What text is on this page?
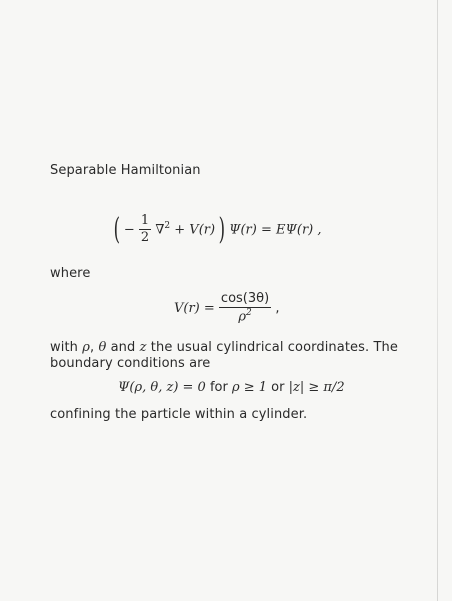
Separable Hamiltonian
( − $\frac{1}{2} \nabla^2 + V(r)$ ) Ψ(r) = EΨ(r) ,
where
$V(r) = \frac{\cos(3\theta)}{\rho^2}$ ,
with ρ, θ and z the usual cylindrical coordinates. The
boundary conditions are
Ψ(ρ, θ, z) = 0 for ρ ≥ 1 or |z| ≥ π/2
confining the particle within a cylinder.
